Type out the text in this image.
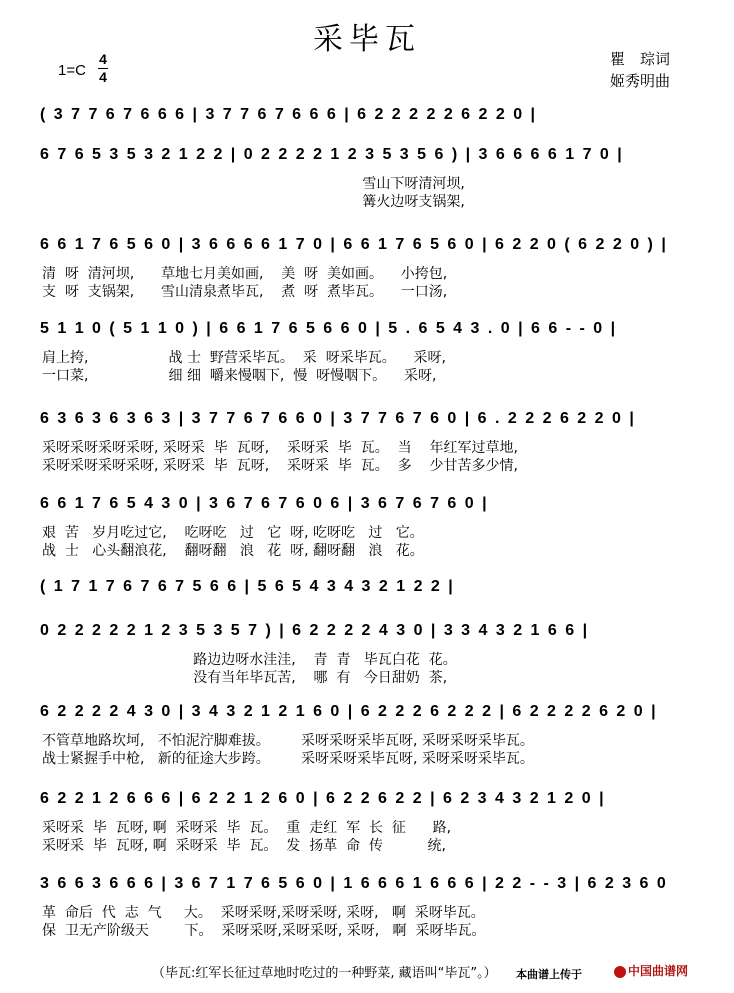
采毕瓦
1=C
4
4
瞿　琮词
姬秀明曲
( 3 7 7 6 7 6 6 6 | 3 7 7 6 7 6 6 6 | 6 2 2 2 2 2 6 2 2 0 |
6 7 6 5 3 5 3 2 1 2 2 | 0 2 2 2 2 1 2 3 5 3 5 6 ) | 3 6 6 6 6 1 7 0 |
雪山下呀清河坝,
篝火边呀支锅架,
6 6 1 7 6 5 6 0 | 3 6 6 6 6 1 7 0 | 6 6 1 7 6 5 6 0 | 6 2 2 0 ( 6 2 2 0 ) |
清  呀  清河坝,      草地七月美如画,    美  呀  美如画。    小挎包,
支  呀  支锅架,      雪山清泉煮毕瓦,    煮  呀  煮毕瓦。    一口汤,
5 1 1 0 ( 5 1 1 0 ) | 6 6 1 7 6 5 6 6 0 | 5 . 6 5 4 3 . 0 | 6 6 - - 0 |
肩上挎,                  战 士  野营采毕瓦。  采  呀采毕瓦。    采呀,
一口菜,                  细 细  嚼来慢咽下,  慢  呀慢咽下。    采呀,
6 3 6 3 6 3 6 3 | 3 7 7 6 7 6 6 0 | 3 7 7 6 7 6 0 | 6 . 2 2 2 6 2 2 0 |
采呀采呀采呀采呀, 采呀采  毕  瓦呀,    采呀采  毕  瓦。  当    年红军过草地,
采呀采呀采呀采呀, 采呀采  毕  瓦呀,    采呀采  毕  瓦。  多    少甘苦多少情,
6 6 1 7 6 5 4 3 0 | 3 6 7 6 7 6 0 6 | 3 6 7 6 7 6 0 |
艰  苦   岁月吃过它,    吃呀吃   过   它  呀, 吃呀吃   过   它。
战  士   心头翻浪花,    翻呀翻   浪   花  呀, 翻呀翻   浪   花。
( 1 7 1 7 6 7 6 7 5 6 6 | 5 6 5 4 3 4 3 2 1 2 2 |
0 2 2 2 2 2 1 2 3 5 3 5 7 ) | 6 2 2 2 2 4 3 0 | 3 3 4 3 2 1 6 6 |
路边边呀水洼洼,    青  青   毕瓦白花  花。
没有当年毕瓦苦,    哪  有   今日甜奶  茶,
6 2 2 2 2 4 3 0 | 3 4 3 2 1 2 1 6 0 | 6 2 2 2 6 2 2 2 | 6 2 2 2 2 6 2 0 |
不管草地路坎坷,   不怕泥泞脚难拔。       采呀采呀采毕瓦呀, 采呀采呀采毕瓦。
战士紧握手中枪,   新的征途大步跨。       采呀采呀采毕瓦呀, 采呀采呀采毕瓦。
6 2 2 1 2 6 6 6 | 6 2 2 1 2 6 0 | 6 2 2 6 2 2 | 6 2 3 4 3 2 1 2 0 |
采呀采  毕  瓦呀, 啊  采呀采  毕  瓦。  重  走红  军  长  征      路,
采呀采  毕  瓦呀, 啊  采呀采  毕  瓦。  发  扬革  命  传          统,
3 6 6 3 6 6 6 | 3 6 7 1 7 6 5 6 0 | 1 6 6 6 1 6 6 6 | 2 2 - - 3 | 6 2 3 6 0
革  命后  代  志  气     大。  采呀采呀,采呀采呀, 采呀,   啊  采呀毕瓦。
保  卫无产阶级天        下。  采呀采呀,采呀采呀, 采呀,   啊  采呀毕瓦。
（毕瓦:红军长征过草地时吃过的一种野菜, 藏语叫“毕瓦”。） 本曲谱上传于	中国曲谱网
